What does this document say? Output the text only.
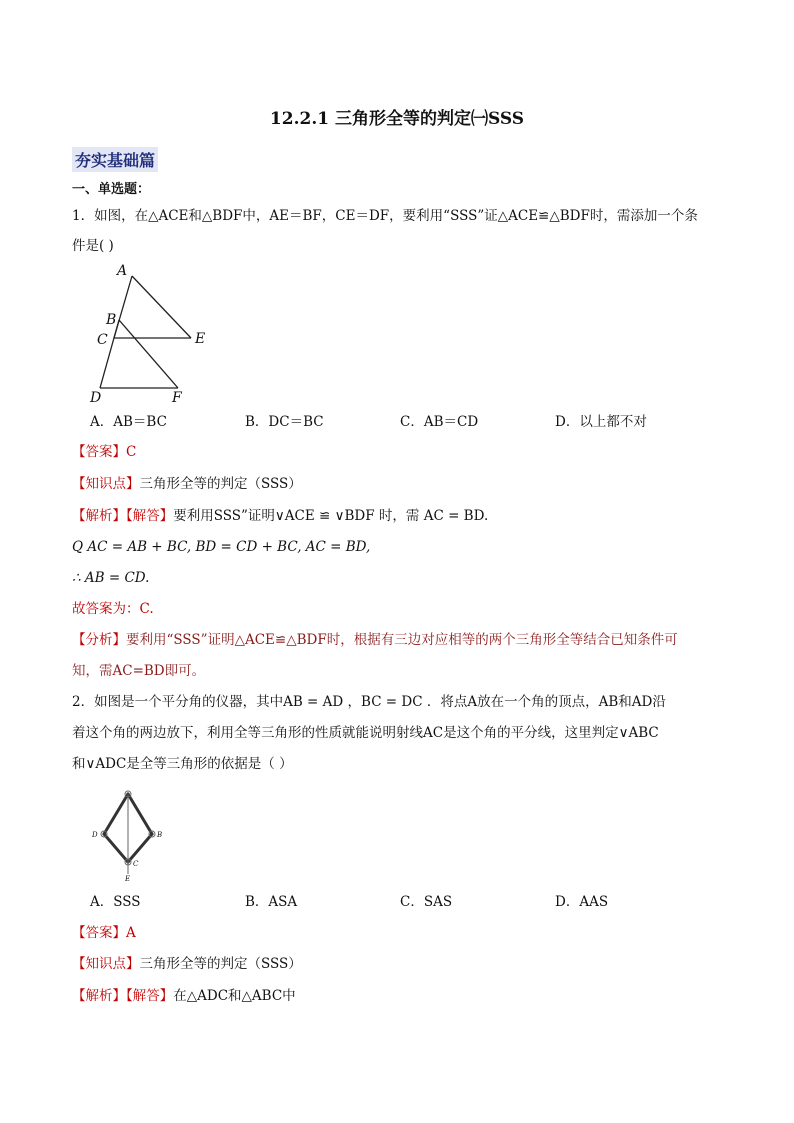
12.2.1 三角形全等的判定㈠SSS
夯实基础篇
一、单选题：
1．如图，在△ACE和△BDF中，AE＝BF，CE＝DF，要利用“SSS”证△ACE≌△BDF时，需添加一个条
件是( )
A
B
C	E
D	F
A．AB＝BC	B．DC＝BC	C．AB＝CD	D．以上都不对
【答案】C
【知识点】三角形全等的判定（SSS）
【解析】【解答】要利用SSS”证明∨ACE ≌ ∨BDF 时，需 AC = BD.
Q AC = AB + BC, BD = CD + BC, AC = BD,
∴ AB = CD.
故答案为：C.
【分析】要利用“SSS”证明△ACE≌△BDF时，根据有三边对应相等的两个三角形全等结合已知条件可
知，需AC=BD即可。
2．如图是一个平分角的仪器，其中AB = AD ，BC = DC ．将点A放在一个角的顶点，AB和AD沿
着这个角的两边放下，利用全等三角形的性质就能说明射线AC是这个角的平分线，这里判定∨ABC
和∨ADC是全等三角形的依据是（ ）
D	B
C
E
A．SSS	B．ASA	C．SAS	D．AAS
【答案】A
【知识点】三角形全等的判定（SSS）
【解析】【解答】在△ADC和△ABC中
